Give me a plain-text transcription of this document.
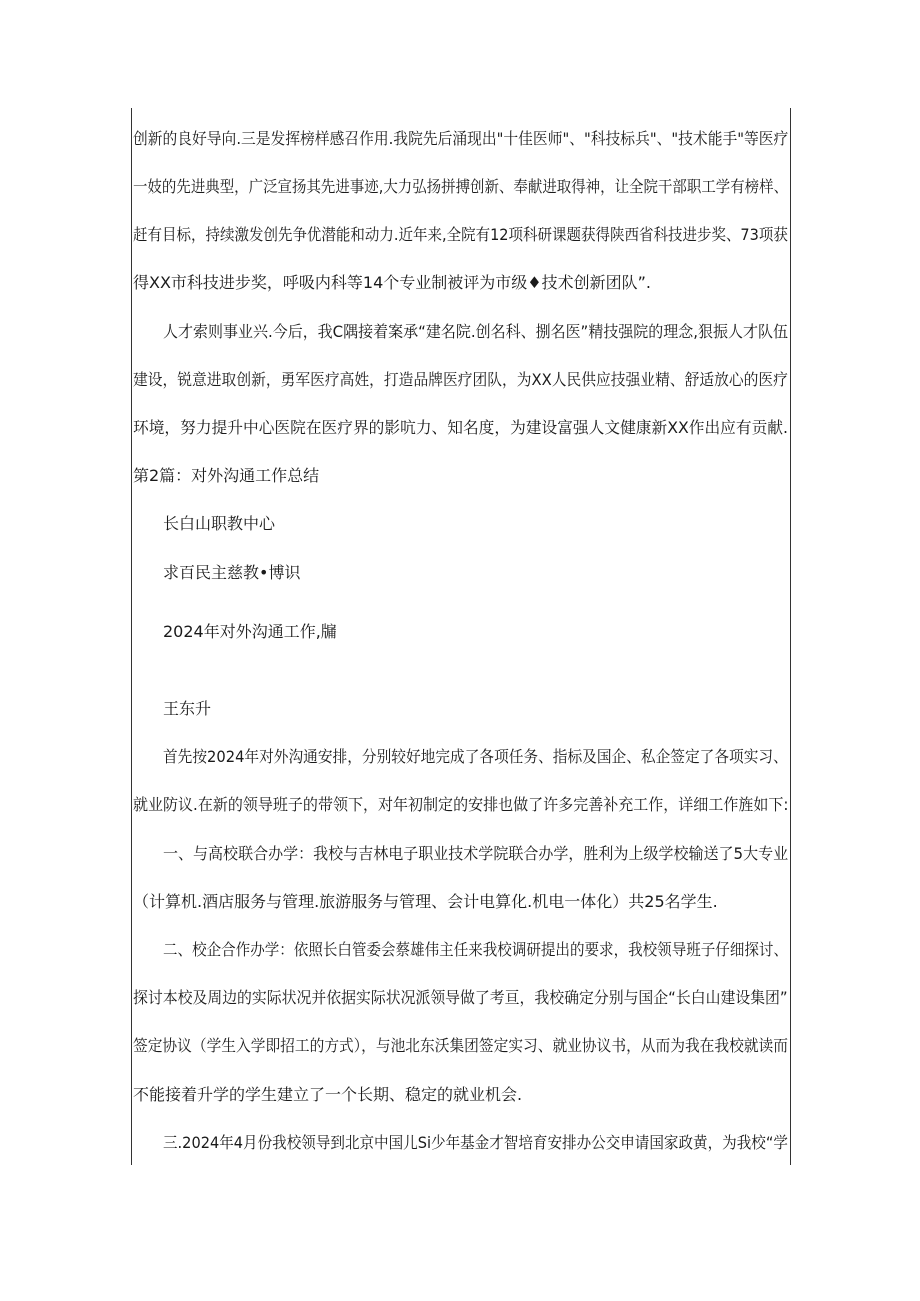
创新的良好导向.三是发挥榜样感召作用.我院先后涌现出"十佳医师"、"科技标兵"、"技术能手"等医疗
一妓的先进典型，广泛宣扬其先进事迹,大力弘扬拼搏创新、奉献进取得神，让全院干部职工学有榜样、
赶有目标，持续激发创先争优潜能和动力.近年来,全院有12项科研课题获得陕西省科技进步奖、73项获
得XX市科技进步奖，呼吸内科等14个专业制被评为市级♦技术创新团队”.
人才索则事业兴.今后，我C隅接着案承“建名院.创名科、捌名医”精技强院的理念,狠振人才队伍
建设，锐意进取创新，勇军医疗高姓，打造品牌医疗团队，为XX人民供应技强业精、舒适放心的医疗
环境，努力提升中心医院在医疗界的影吭力、知名度，为建设富强人文健康新XX作出应有贡献.
第2篇：对外沟通工作总结
长白山职教中心
求百民主慈教•博识
2024年对外沟通工作,牖
王东升
首先按2024年对外沟通安排，分别较好地完成了各项任务、指标及国企、私企签定了各项实习、
就业防议.在新的领导班子的带领下，对年初制定的安排也做了许多完善补充工作，详细工作旌如下:
一、与高校联合办学：我校与吉林电子职业技术学院联合办学，胜利为上级学校输送了5大专业
（计算机.酒店服务与管理.旅游服务与管理、会计电算化.机电一体化）共25名学生.
二、校企合作办学：依照长白管委会蔡雄伟主任来我校调研提出的要求，我校领导班子仔细探讨、
探讨本校及周边的实际状况并依据实际状况派领导做了考亘，我校确定分别与国企“长白山建设集团”
签定协议（学生入学即招工的方式），与池北东沃集团签定实习、就业协议书，从而为我在我校就读而
不能接着升学的学生建立了一个长期、稳定的就业机会.
三.2024年4月份我校领导到北京中国儿Si少年基金才智培育安排办公交申请国家政黄，为我校“学
